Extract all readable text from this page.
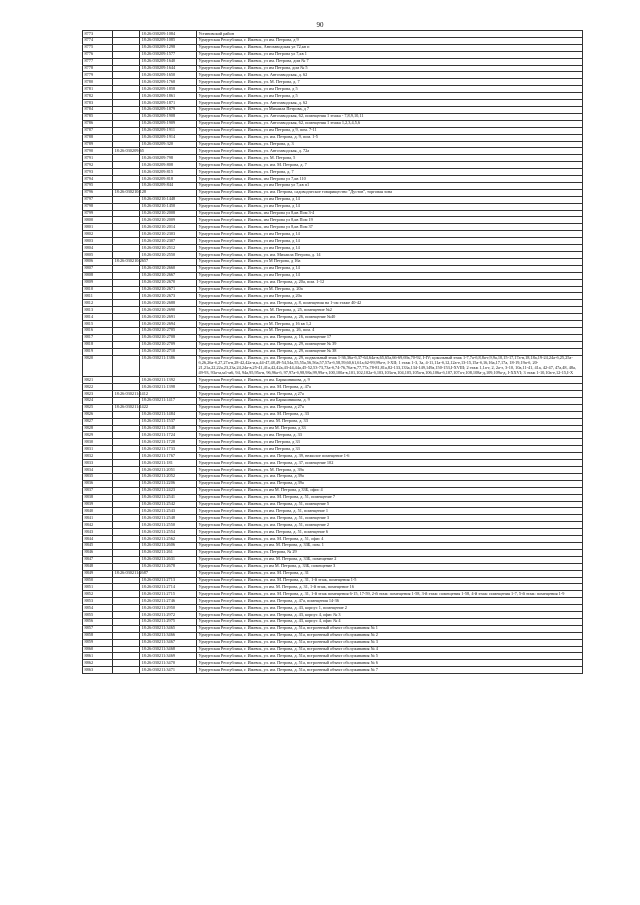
90
8773		18:26:030209:1084	Устиновский район
8774		18:26:030209:1085	Удмуртская Республика, г. Ижевск, ул им. Петрова, д 9
8775		18:26:030209:1298	Удмуртская Республика, г. Ижевск, Автозаводская ул 72,кв п
8776		18:26:030209:1577	Удмуртская Республика, г. Ижевск, ул им Петрова ул 7,кв 1
8777		18:26:030209:1640	Удмуртская Республика, г. Ижевск, ул им. Петрова, дом № 7
8778		18:26:030209:1644	Удмуртская Республика, г. Ижевск, ул им Петрова, дом № 5
8779		18:26:030209:1650	Удмуртская Республика, г. Ижевск, ул. Автозаводская, д. 62
8780		18:26:030209:1768	Удмуртская Республика, г. Ижевск, ул. М. Петрова, д. 7
8781		18:26:030209:1858	Удмуртская Республика, г. Ижевск, ул им Петрова, д 5
8782		18:26:030209:1861	Удмуртская Республика, г. Ижевск, ул им Петрова, д 5
8783		18:26:030209:1871	Удмуртская Республика, г. Ижевск, ул. Автозаводская, д. 62
8784		18:26:030209:1879	Удмуртская Республика, г. Ижевск, ул Михаила Петрова, д 7
8785		18:26:030209:1908	Удмуртская Республика, г. Ижевск, ул. Автозаводская, 62, помещения 1 этажа - 7,8,9,10,11
8786		18:26:030209:1909	Удмуртская Республика, г. Ижевск, ул. Автозаводская, 62, помещения 1 этажа 1,2,3,4,5,6
8787		18:26:030209:1911	Удмуртская Республика, г. Ижевск, ул им Петрова, д 9, пом. 7-11
8788		18:26:030209:1914	Удмуртская Республика, г. Ижевск, ул. им. Петрова, д. 9, пом. 1-5
8789		18:26:030209:320	Удмуртская Республика, г. Ижевск, ул. Петрова, д. 3
8790	18:26:030209:65		Удмуртская Республика, г. Ижевск, ул. Автозаводская, д. 72а
8791		18:26:030209:798	Удмуртская Республика, г. Ижевск, ул. М. Петрова, 5
8792		18:26:030209:808	Удмуртская Республика, г. Ижевск, ул. им. М. Петрова, д. 7
8793		18:26:030209:815	Удмуртская Республика, г. Ижевск, ул. Петрова, д. 7
8794		18:26:030209:818	Удмуртская Республика, г. Ижевск, им Петрова ул 7,кв 110
8795		18:26:030209:844	Удмуртская Республика, г. Ижевск, ул им Петрова ул 7,кв п1
8796	18:26:030210:128		Удмуртская Республика, г. Ижевск, ул. им. Петрова, садоводческое товарищество "Дустов", торговая зона
8797		18:26:030210:1448	Удмуртская Республика, г. Ижевск, ул им Петрова, д 14
8798		18:26:030210:1450	Удмуртская Республика, г. Ижевск, ул им Петрова, д 14
8799		18:26:030210:2008	Удмуртская Республика, г. Ижевск, им Петрова ул 8,кв Пом 3-4
8800		18:26:030210:2009	Удмуртская Республика, г. Ижевск, им Петрова ул 8,кв Пом 19
8801		18:26:030210:2014	Удмуртская Республика, г. Ижевск, им Петрова ул 8,кв Пом 37
8802		18:26:030210:2303	Удмуртская Республика, г. Ижевск, ул им Петрова, д 14
8803		18:26:030210:2307	Удмуртская Республика, г. Ижевск, ул им Петрова, д 14
8804		18:26:030210:2512	Удмуртская Республика, г. Ижевск, ул им Петрова, д 14
8805		18:26:030210:2550	Удмуртская Республика, г. Ижевск, ул. им. Михаила Петрова, д. 14
8806	18:26:030210:2657		Удмуртская Республика, г. Ижевск, ул М Петрова, д 16а
8807		18:26:030210:2660	Удмуртская Республика, г. Ижевск, ул им Петрова, д 14
8808		18:26:030210:2667	Удмуртская Республика, г. Ижевск, ул им Петрова, д 14
8809		18:26:030210:2670	Удмуртская Республика, г. Ижевск, ул. им. Петрова, д. 20а, пом. 1-12
8810		18:26:030210:2671	Удмуртская Республика, г. Ижевск, ул М. Петрова, д. 20а
8811		18:26:030210:2673	Удмуртская Республика, г. Ижевск, ул им Петрова, д 20а
8812		18:26:030210:2688	Удмуртская Республика, г. Ижевск, ул. им. Петрова, д. 8, помещения на 1-ом этаже 40-42
8813		18:26:030210:2690	Удмуртская Республика, г. Ижевск, ул. М. Петрова, д. 25, помещение №2
8814		18:26:030210:2691	Удмуртская Республика, г. Ижевск, ул. им. Петрова, д. 26, помещение №40
8815		18:26:030210:2694	Удмуртская Республика, г. Ижевск, ул М. Петрова, д 16 кв 1,2
8816		18:26:030210:2705	Удмуртская Республика, г. Ижевск, ул М. Петрова, д. 26, пом. 4
8817		18:26:030210:2708	Удмуртская Республика, г. Ижевск, ул. им. Петрова, д. 16, помещение 17
8818		18:26:030210:2709	Удмуртская Республика, г. Ижевск, ул. им. Петрова, д. 29, помещение № 39
8819		18:26:030210:2710	Удмуртская Республика, г. Ижевск, ул. им. Петрова, д. 29, помещение № 38
8820		18:26:030211:1386	Удмуртская Республика, г. Ижевск, ул. им. Петрова, д. 29, подвальный этаж 1-36,36а-б,37-64,64а-в,65,65а,66-69,69а,70-92, I-IV; цокольный этаж 1-7,7а-б,8,8а-г,9,9а,10,15-17,17а-в,18,18а,19-24,24а-б,25,25а-б,26,26а-б,27,27а-в,28-42,42а-и,к,44-47,48,49-54,54а,55,55а,56,56а,57,57а-б,58,59,60,61,61а,62-99,99а-е, I-XII; 1 этаж 1-3, 3а, 4-11,11а-б,12,12а-е,13-15,15а-б,16,16а,17,17а, 18-19,19а-б, 20-21,21а,22,22а,23,23а,24,24а-в,25-41,41а,42,42а,43-44,44а,45-52,53-73,73а-б,74-76,76а-в,77,77а,78-81,81а,82-133,133а,134-149,149а,150-153,I-XVIII; 2 этаж 1,1а-г, 2, 2а-з, 3-10, 10а,11-41, 41а, 42-47, 47а,48, 48а, 49-93, 93а-м,м1-м6, 94, 94а,95,95а-в, 96,96а-б, 97,97а-б,98,98а,99,99а-з,100,100а-в,101,102,102а-б,103,103а-в,104,105,105а-в,106,106а-б,107,107а-г,108,108а-д,109,109а-д, I-XXVI; 3 этаж 1-10,10а-е,12-15,I-X
8821		18:26:030211:1392	Удмуртская Республика, г. Ижевск, ул им. Барышникова, д. 9
8822		18:26:030211:1398	Удмуртская Республика, г. Ижевск, ул. им. М. Петрова, д. 47а
8823	18:26:030211:1412		Удмуртская Республика, г. Ижевск, ул. им. Петрова, д 27а
8824		18:26:030211:1417	Удмуртская Республика, г. Ижевск, ул. им Барышникова, д. 9
8825	18:26:030211:1422		Удмуртская Республика, г. Ижевск, ул. им. Петрова, д 27а
8826		18:26:030211:1484	Удмуртская Республика, г. Ижевск, ул. им. М. Петрова, д. 33
8827		18:26:030211:1537	Удмуртская Республика, г. Ижевск, ул им. М. Петрова, д. 33
8828		18:26:030211:1548	Удмуртская Республика, г. Ижевск, ул им М. Петрова, д 33
8829		18:26:030211:1724	Удмуртская Республика, г. Ижевск, ул им. Петрова, д. 33
8830		18:26:030211:1728	Удмуртская Республика, г. Ижевск, ул им Петрова, д 33
8831		18:26:030211:1733	Удмуртская Республика, г. Ижевск, ул им Петрова, д 33
8832		18:26:030211:1767	Удмуртская Республика, г. Ижевск, ул. им. Петрова, д. 39, нежилое помещение 1-6
8833		18:26:030211:181	Удмуртская Республика, г. Ижевск, ул. им. Петрова, д. 37, помещение 102
8834		18:26:030211:2051	Удмуртская Республика, г. Ижевск, ул. М. Петрова, д. 39а
8835		18:26:030211:2052	Удмуртская Республика, г. Ижевск, ул. им. Петрова, д 39а
8836		18:26:030211:2206	Удмуртская Республика, г. Ижевск, ул. им. Петрова, д 39а
8837		18:26:030211:2423	Удмуртская Республика, г. Ижевск, ул им М. Петрова, д 33Б, офис 4
8838		18:26:030211:2541	Удмуртская Республика, г. Ижевск, ул. им. М. Петрова, д. 51, помещение 7
8839		18:26:030211:2542	Удмуртская Республика, г. Ижевск, ул. им. Петрова, д. 51, помещение 5
8840		18:26:030211:2543	Удмуртская Республика, г. Ижевск, ул им. Петрова, д. 51, помещение 1
8841		18:26:030211:2548	Удмуртская Республика, г. Ижевск, ул. им. Петрова, д. 51, помещение 3
8842		18:26:030211:2550	Удмуртская Республика, г. Ижевск, ул. им. Петрова, д. 51, помещение 2
8843		18:26:030211:2554	Удмуртская Республика, г. Ижевск, ул им. Петрова, д. 51, помещение 6
8844		18:26:030211:2562	Удмуртская Республика, г. Ижевск, ул. им. М. Петрова, д. 51, офис 4
8845		18:26:030211:2606	Удмуртская Республика, г. Ижевск, ул им. М. Петрова, д. 33Б, пом. 1
8846		18:26:030211:261	Удмуртская Республика, г. Ижевск, ул. Петрова, № 29
8847		18:26:030211:2631	Удмуртская Республика, г. Ижевск, ул им. М. Петрова, д. 33Б, помещение 2
8848		18:26:030211:2678	Удмуртская Республика, г. Ижевск, ул им М. Петрова, д. 33Б, помещение 3
8849	18:26:030211:2687		Удмуртская Республика, г. Ижевск, ул. им. М. Петрова, д. 31
8850		18:26:030211:2713	Удмуртская Республика, г. Ижевск, ул. им. М. Петрова, д. 31, 1-й этаж, помещения 1-5
8851		18:26:030211:2714	Удмуртская Республика, г. Ижевск, ул им. М. Петрова, д. 31, 1-й этаж, помещение 16
8852		18:26:030211:2715	Удмуртская Республика, г. Ижевск, ул. им. М. Петрова, д. 31, 1-й этаж помещения 6-15, 17-59, 2-й этаж: помещения 1-58, 3-й этаж: помещения 1-58, 4-й этаж: помещения 1-7, 5-й этаж: помещения 1-9
8853		18:26:030211:2746	Удмуртская Республика, г. Ижевск, ул. им. Петрова, д. 47а, помещения 14-36
8854		18:26:030211:2950	Удмуртская Республика, г. Ижевск, ул. им. Петрова, д. 43, корпус 1, помещение 2
8855		18:26:030211:2972	Удмуртская Республика, г. Ижевск, ул. им. Петрова, д. 43, корпус 4, офис № 3
8856		18:26:030211:2975	Удмуртская Республика, г. Ижевск, ул. им. Петрова, д. 43, корпус 4, офис № 4
8857		18:26:030211:3465	Удмуртская Республика, г. Ижевск, ул. им. Петрова, д. 51а, встроенный объект обслуживания № 1
8858		18:26:030211:3466	Удмуртская Республика, г. Ижевск, ул. им. Петрова, д. 51а, встроенный объект обслуживания № 2
8859		18:26:030211:3467	Удмуртская Республика, г. Ижевск, ул. им. Петрова, д. 51а, встроенный объект обслуживания № 3
8860		18:26:030211:3468	Удмуртская Республика, г. Ижевск, ул. им. Петрова, д. 51а, встроенный объект обслуживания № 4
8861		18:26:030211:3469	Удмуртская Республика, г. Ижевск, ул. им. Петрова, д. 51а, встроенный объект обслуживания № 5
8862		18:26:030211:3470	Удмуртская Республика, г. Ижевск, ул. им. Петрова, д. 51а, встроенный объект обслуживания № 6
8863		18:26:030211:3471	Удмуртская Республика, г. Ижевск, ул. им. Петрова, д. 51а, встроенный объект обслуживания № 7
